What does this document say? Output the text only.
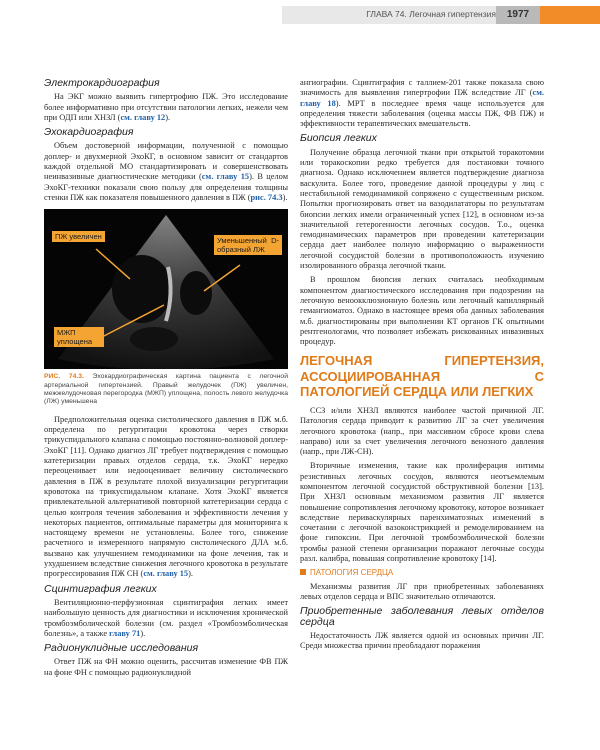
ГЛАВА 74. Легочная гипертензия	1977
Электрокардиография

На ЭКГ можно выявить гипертрофию ПЖ. Это исследование более информативно при отсутствии патологии легких, нежели чем при ОДП или ХНЗЛ (см. главу 12).

Эхокардиография

Объем достоверной информации, полученной с помощью доплер- и двухмерной ЭхоКГ, в основном зависит от стандартов каждой отдельной МО стандартизировать и совершенствовать неинвазивные диагностические методики (см. главу 15). В целом ЭхоКГ-техники показали свою пользу для определения толщины стенки ПЖ как показателя повышенного давления в ПЖ (рис. 74.3).

ПЖ увеличен	Уменьшенный D-образный ЛЖ
МЖП уплощена

РИС. 74.3. Эхокардиографическая картина пациента с легочной артериальной гипертензией. Правый желудочек (ПЖ) увеличен, межжелудочковая перегородка (МЖП) уплощена, полость левого желудочка (ЛЖ) уменьшена

Предположительная оценка систолического давления в ПЖ м.б. определена по регургитации кровотока через створки трикуспидального клапана с помощью постоянно-волновой доплер-ЭхоКГ [11]. Однако диагноз ЛГ требует подтверждения с помощью катетеризации правых отделов сердца, т.к. ЭхоКГ нередко переоценивает или недооценивает величину систолического давления в ПЖ в результате плохой визуализации регургитации кровотока на трикуспидальном клапане. Хотя ЭхоКГ является привлекательной альтернативой повторной катетеризации сердца с целью контроля течения заболевания и эффективности лечения у некоторых пациентов, оптимальные параметры для мониторинга к настоящему времени не установлены. Более того, снижение расчетного и измеренного напрямую систолического ДЛА м.б. вызвано как улучшением гемодинамики на фоне лечения, так и ухудшением вследствие снижения легочного кровотока в результате прогрессирования ПЖ СН (см. главу 15).

Сцинтиграфия легких

Вентиляционно-перфузионная сцинтиграфия легких имеет наибольшую ценность для диагностики и исключения хронической тромбоэмболической болезни (см. раздел «Тромбоэмболическая болезнь», а также главу 71).

Радионуклидные исследования

Ответ ПЖ на ФН можно оценить, рассчитав изменение ФВ ПЖ на фоне ФН с помощью радионуклидной

ангиографии. Сцинтиграфия с таллием-201 также показала свою значимость для выявления гипертрофии ПЖ вследствие ЛГ (см. главу 18). МРТ в последнее время чаще используется для определения тяжести заболевания (оценка массы ПЖ, ФВ ПЖ) и эффективности терапевтических вмешательств.

Биопсия легких

Получение образца легочной ткани при открытой торакотомии или торакоскопии редко требуется для постановки точного диагноза. Однако исключением является подтверждение диагноза васкулита. Более того, проведение данной процедуры у лиц с нестабильной гемодинамикой сопряжено с существенным риском. Попытки прогнозировать ответ на вазодилататоры по результатам биопсии легких имели ограниченный успех [12], в основном из-за значительной гетерогенности легочных сосудов. Т.о., оценка гемодинамических параметров при проведении катетеризации сердца дает наиболее полную информацию о выраженности легочной сосудистой болезни в противоположность изучению изолированного образца легочной ткани.

В прошлом биопсия легких считалась необходимым компонентом диагностического исследования при подозрении на легочную веноокклюзионную болезнь или легочный капиллярный гемангиоматоз. Однако в настоящее время оба данных заболевания м.б. диагностированы при выполнении КТ органов ГК опытными рентгенологами, что позволяет избежать рискованных инвазивных процедур.

ЛЕГОЧНАЯ ГИПЕРТЕНЗИЯ, АССОЦИИРОВАННАЯ С ПАТОЛОГИЕЙ СЕРДЦА ИЛИ ЛЕГКИХ

ССЗ и/или ХНЗЛ являются наиболее частой причиной ЛГ. Патология сердца приводит к развитию ЛГ за счет увеличения легочного кровотока (напр., при массивном сбросе крови слева направо) или за счет увеличения легочного венозного давления (напр., при ЛЖ-СН).

Вторичные изменения, такие как пролиферация интимы резистивных легочных сосудов, являются неотъемлемым компонентом легочной сосудистой обструктивной болезни [13]. При ХНЗЛ основным механизмом развития ЛГ является повышение сопротивления легочному кровотоку, которое возникает вследствие периваскулярных паренхиматозных изменений в сочетании с легочной вазоконстрикцией и ремоделированием на фоне гипоксии. При легочной тромбоэмболической болезни тромбы разной степени организации поражают легочные сосуды разл. калибра, повышая сопротивление кровотоку [14].

ПАТОЛОГИЯ СЕРДЦА

Механизмы развития ЛГ при приобретенных заболеваниях левых отделов сердца и ВПС значительно отличаются.

Приобретенные заболевания левых отделов сердца

Недостаточность ЛЖ является одной из основных причин ЛГ. Среди множества причин преобладают поражения
